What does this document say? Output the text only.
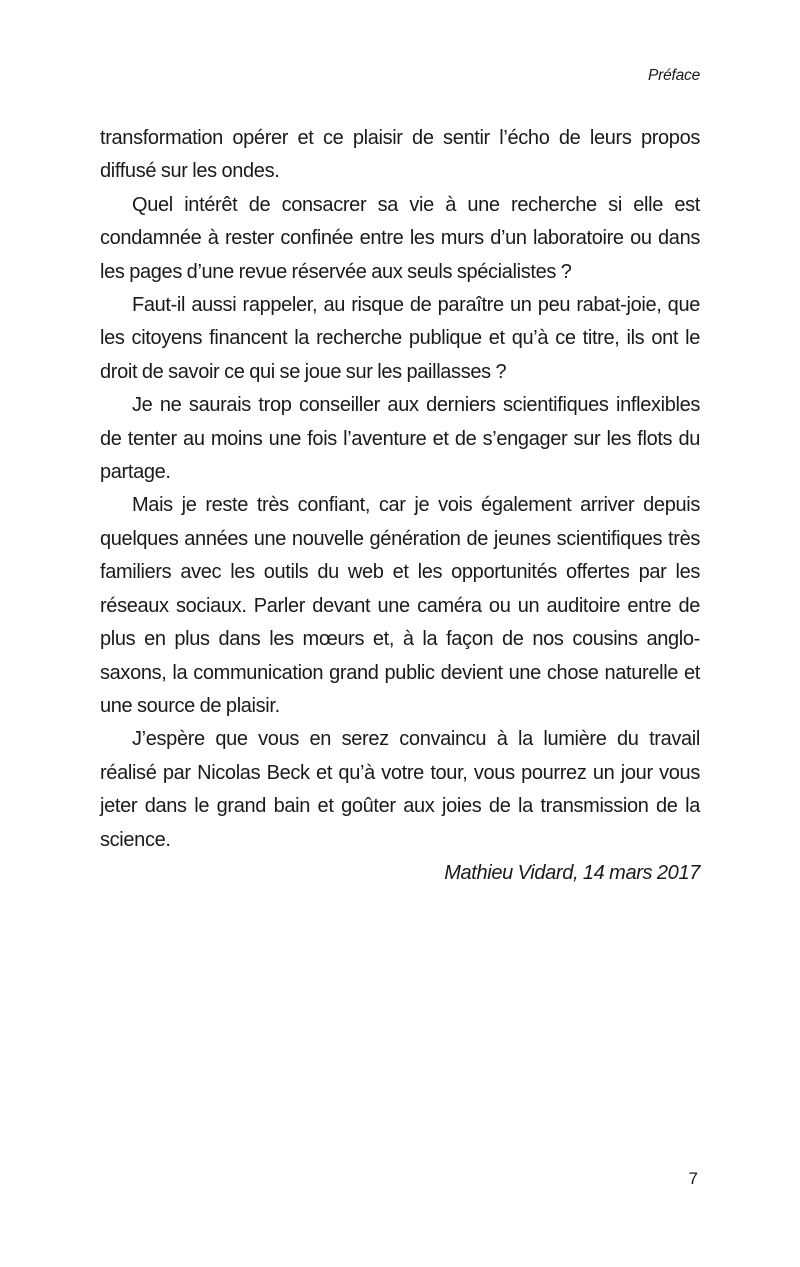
Préface

transformation opérer et ce plaisir de sentir l’écho de leurs propos diffusé sur les ondes.

Quel intérêt de consacrer sa vie à une recherche si elle est condamnée à rester confinée entre les murs d’un laboratoire ou dans les pages d’une revue réservée aux seuls spécialistes ?

Faut-il aussi rappeler, au risque de paraître un peu rabat-joie, que les citoyens financent la recherche publique et qu’à ce titre, ils ont le droit de savoir ce qui se joue sur les paillasses ?

Je ne saurais trop conseiller aux derniers scientifiques inflexibles de tenter au moins une fois l’aventure et de s’engager sur les flots du partage.

Mais je reste très confiant, car je vois également arriver depuis quelques années une nouvelle génération de jeunes scientifiques très familiers avec les outils du web et les opportunités offertes par les réseaux sociaux. Parler devant une caméra ou un auditoire entre de plus en plus dans les mœurs et, à la façon de nos cousins anglo-saxons, la communication grand public devient une chose naturelle et une source de plaisir.

J’espère que vous en serez convaincu à la lumière du travail réalisé par Nicolas Beck et qu’à votre tour, vous pourrez un jour vous jeter dans le grand bain et goûter aux joies de la transmission de la science.

Mathieu Vidard, 14 mars 2017

7
